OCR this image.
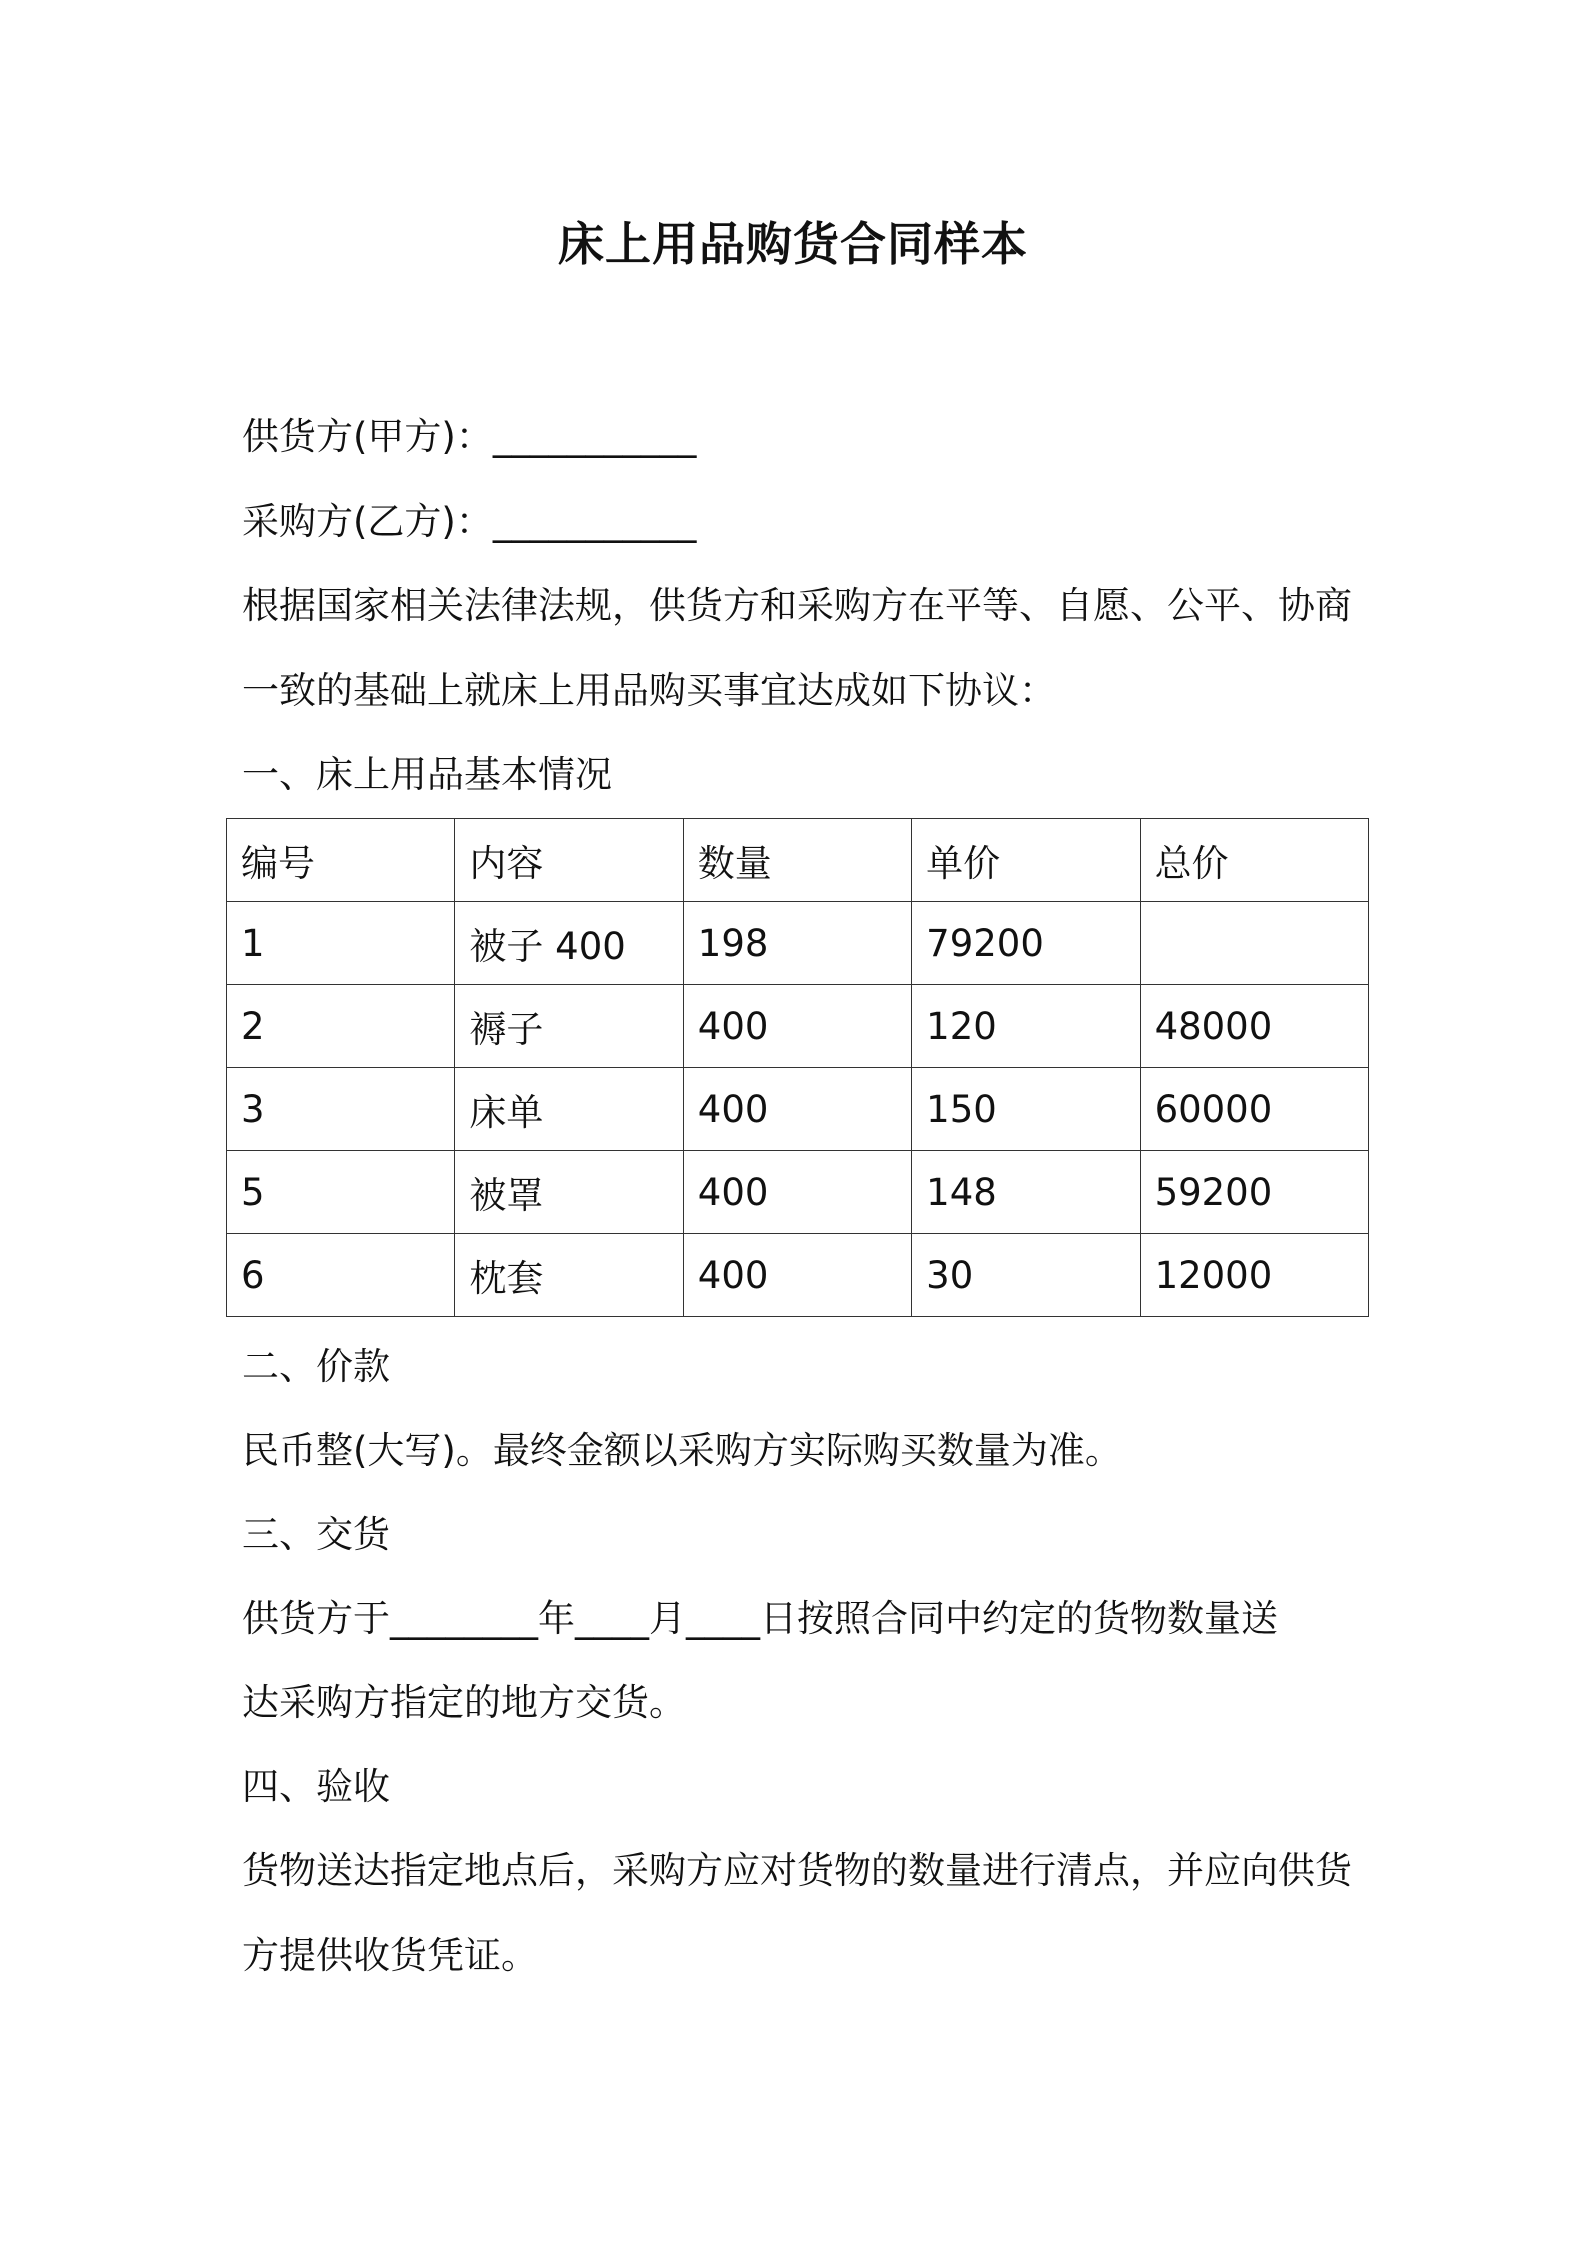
床上用品购货合同样本
供货方(甲方)：___________
采购方(乙方)：___________
根据国家相关法律法规，供货方和采购方在平等、自愿、公平、协商
一致的基础上就床上用品购买事宜达成如下协议：
一、床上用品基本情况
编号	内容	数量	单价	总价
1	被子 400	198	79200	
2	褥子	400	120	48000
3	床单	400	150	60000
5	被罩	400	148	59200
6	枕套	400	30	12000
二、价款
民币整(大写)。最终金额以采购方实际购买数量为准。
三、交货
供货方于________年____月____日按照合同中约定的货物数量送
达采购方指定的地方交货。
四、验收
货物送达指定地点后，采购方应对货物的数量进行清点，并应向供货
方提供收货凭证。
